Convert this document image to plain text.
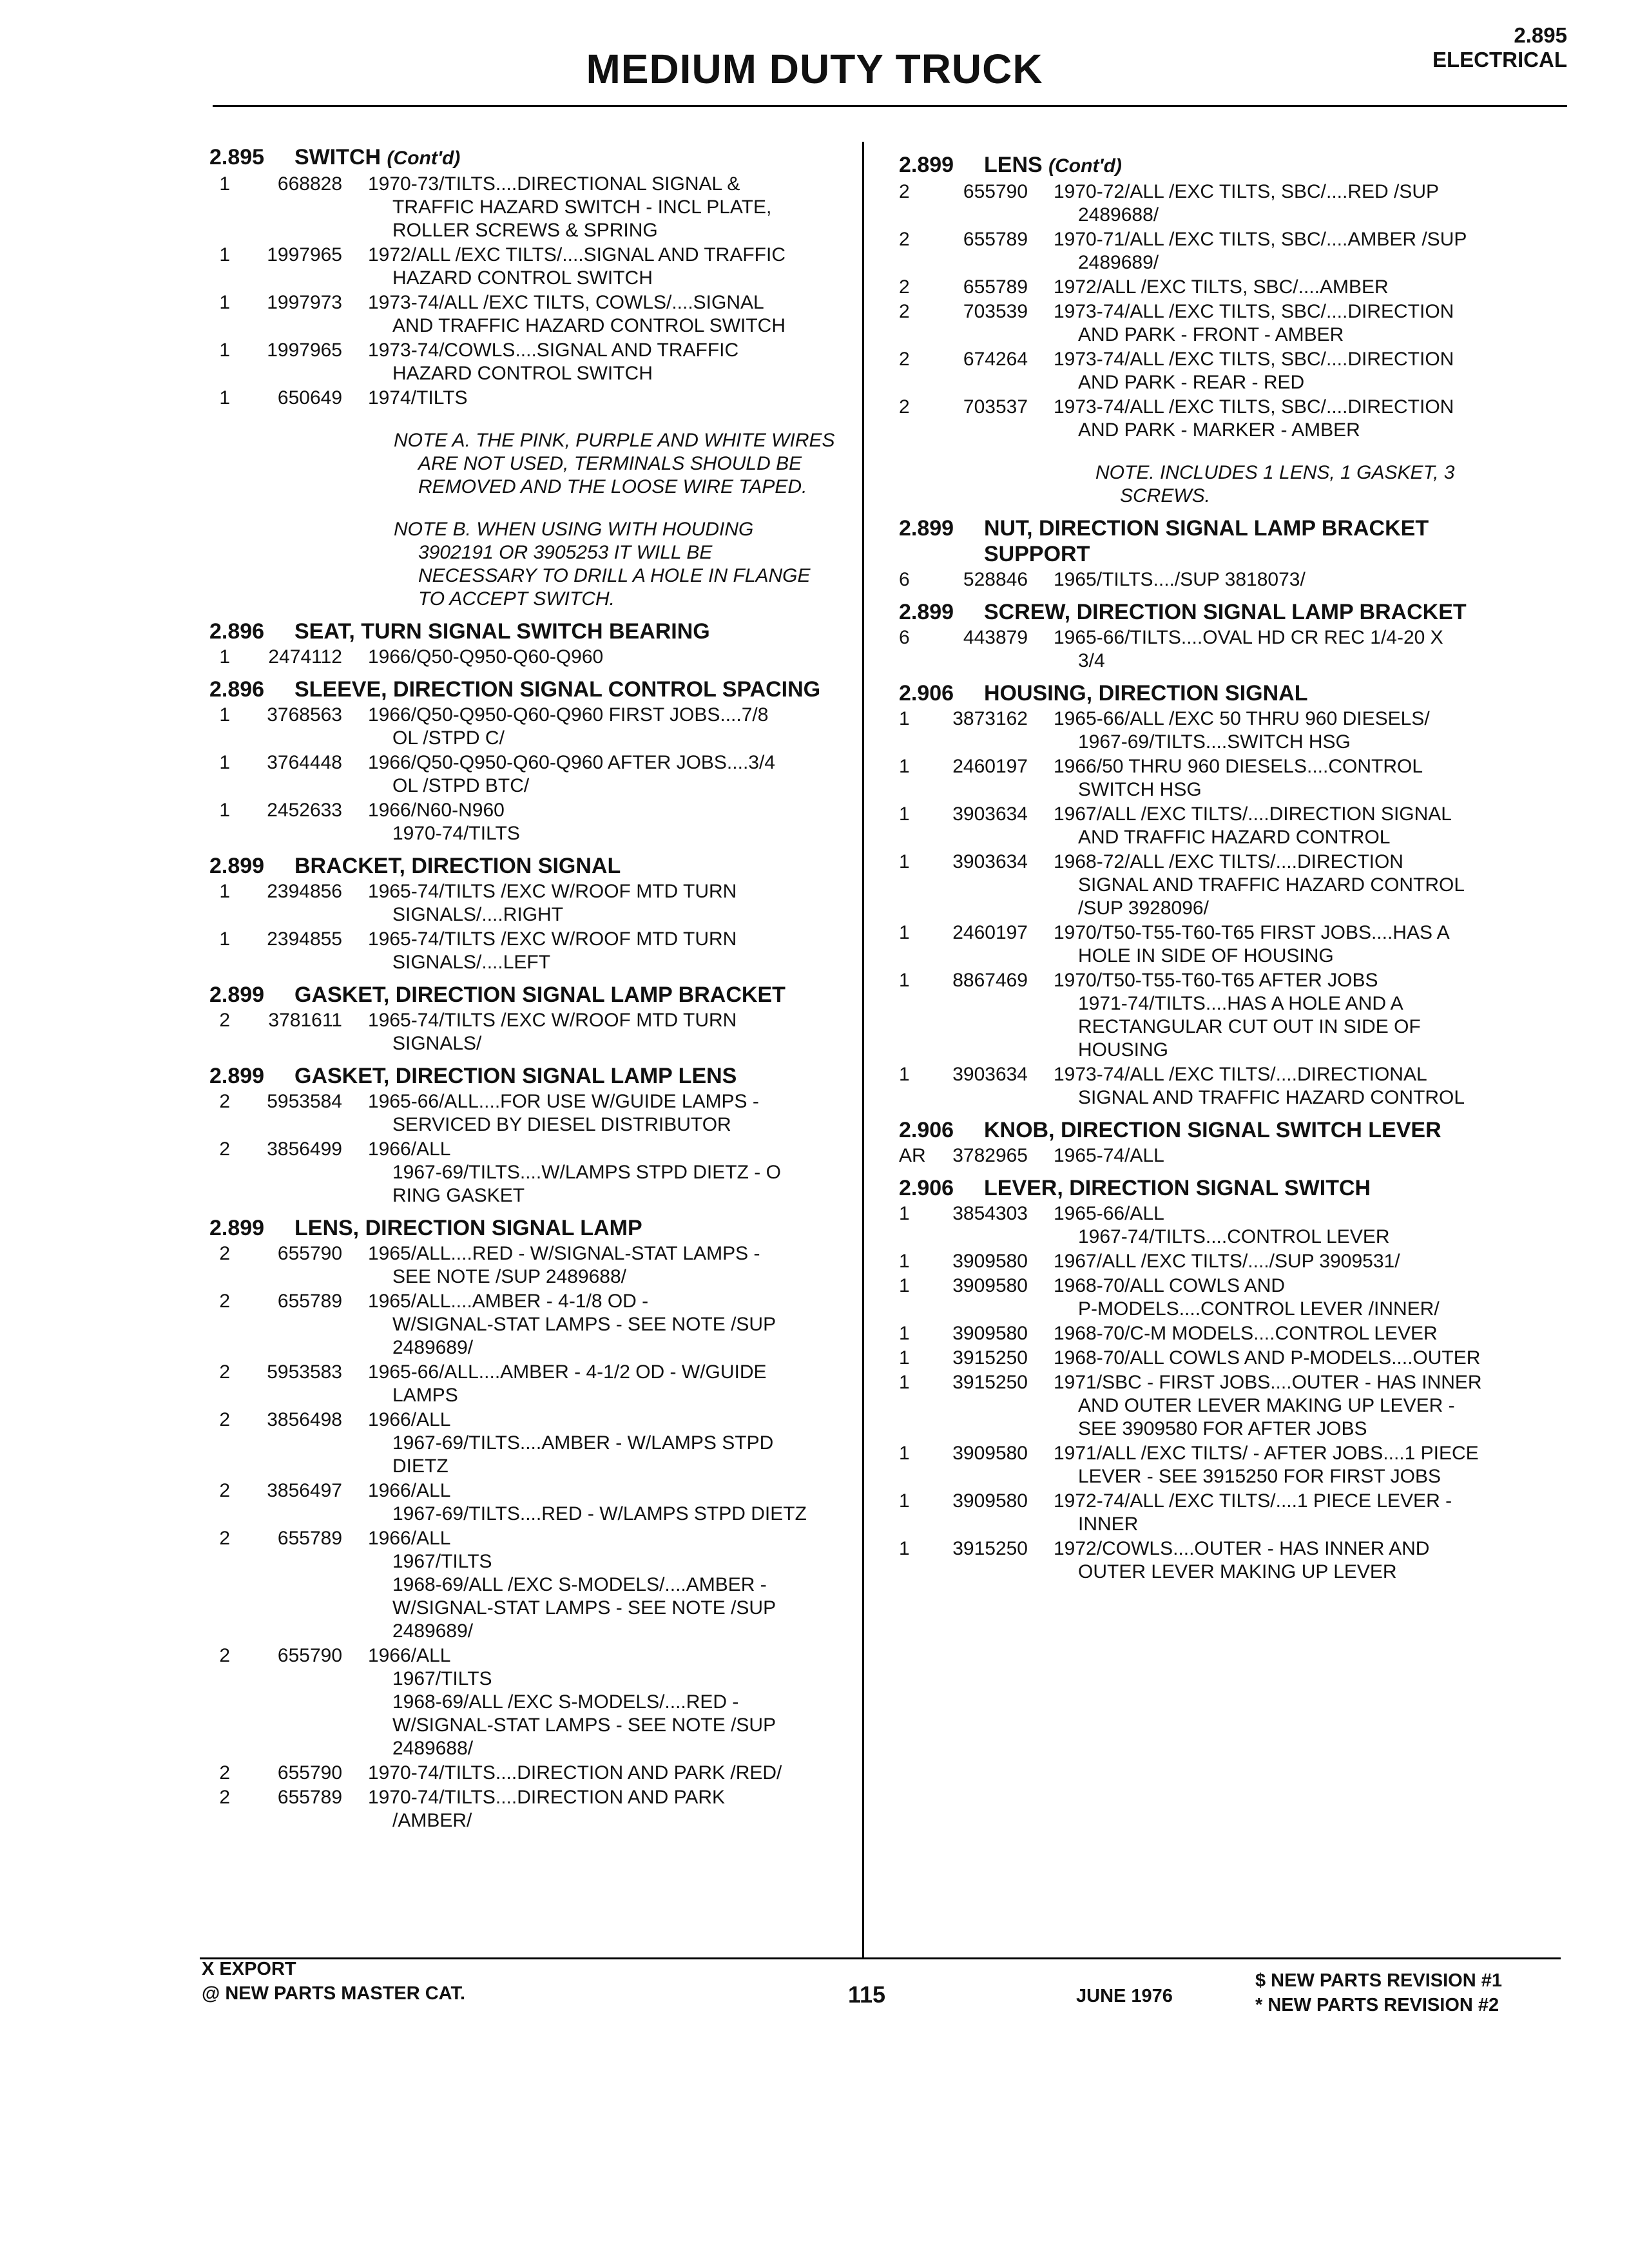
MEDIUM DUTY TRUCK
2.895
ELECTRICAL
2.895	SWITCH (Cont'd)
1	668828 1970-73/TILTS....DIRECTIONAL SIGNAL &
TRAFFIC HAZARD SWITCH - INCL PLATE,
ROLLER SCREWS & SPRING
1	1997965 1972/ALL /EXC TILTS/....SIGNAL AND TRAFFIC
HAZARD CONTROL SWITCH
1	1997973 1973-74/ALL /EXC TILTS, COWLS/....SIGNAL
AND TRAFFIC HAZARD CONTROL SWITCH
1	1997965 1973-74/COWLS....SIGNAL AND TRAFFIC
HAZARD CONTROL SWITCH
1	650649 1974/TILTS
NOTE A. THE PINK, PURPLE AND WHITE WIRES
ARE NOT USED, TERMINALS SHOULD BE
REMOVED AND THE LOOSE WIRE TAPED.
NOTE B. WHEN USING WITH HOUDING
3902191 OR 3905253 IT WILL BE
NECESSARY TO DRILL A HOLE IN FLANGE
TO ACCEPT SWITCH.
2.896	SEAT, TURN SIGNAL SWITCH BEARING
1	2474112 1966/Q50-Q950-Q60-Q960
2.896	SLEEVE, DIRECTION SIGNAL CONTROL SPACING
1	3768563 1966/Q50-Q950-Q60-Q960 FIRST JOBS....7/8
OL /STPD C/
1	3764448 1966/Q50-Q950-Q60-Q960 AFTER JOBS....3/4
OL /STPD BTC/
1	2452633 1966/N60-N960
1970-74/TILTS
2.899	BRACKET, DIRECTION SIGNAL
1	2394856 1965-74/TILTS /EXC W/ROOF MTD TURN
SIGNALS/....RIGHT
1	2394855 1965-74/TILTS /EXC W/ROOF MTD TURN
SIGNALS/....LEFT
2.899	GASKET, DIRECTION SIGNAL LAMP BRACKET
2	3781611 1965-74/TILTS /EXC W/ROOF MTD TURN
SIGNALS/
2.899	GASKET, DIRECTION SIGNAL LAMP LENS
2	5953584 1965-66/ALL....FOR USE W/GUIDE LAMPS -
SERVICED BY DIESEL DISTRIBUTOR
2	3856499 1966/ALL
1967-69/TILTS....W/LAMPS STPD DIETZ - O
RING GASKET
2.899	LENS, DIRECTION SIGNAL LAMP
2	655790 1965/ALL....RED - W/SIGNAL-STAT LAMPS -
SEE NOTE /SUP 2489688/
2	655789 1965/ALL....AMBER - 4-1/8 OD -
W/SIGNAL-STAT LAMPS - SEE NOTE /SUP
2489689/
2	5953583 1965-66/ALL....AMBER - 4-1/2 OD - W/GUIDE
LAMPS
2	3856498 1966/ALL
1967-69/TILTS....AMBER - W/LAMPS STPD
DIETZ
2	3856497 1966/ALL
1967-69/TILTS....RED - W/LAMPS STPD DIETZ
2	655789 1966/ALL
1967/TILTS
1968-69/ALL /EXC S-MODELS/....AMBER -
W/SIGNAL-STAT LAMPS - SEE NOTE /SUP
2489689/
2	655790 1966/ALL
1967/TILTS
1968-69/ALL /EXC S-MODELS/....RED -
W/SIGNAL-STAT LAMPS - SEE NOTE /SUP
2489688/
2	655790 1970-74/TILTS....DIRECTION AND PARK /RED/
2	655789 1970-74/TILTS....DIRECTION AND PARK
/AMBER/
2.899	LENS (Cont'd)
2	655790 1970-72/ALL /EXC TILTS, SBC/....RED /SUP
2489688/
2	655789 1970-71/ALL /EXC TILTS, SBC/....AMBER /SUP
2489689/
2	655789 1972/ALL /EXC TILTS, SBC/....AMBER
2	703539 1973-74/ALL /EXC TILTS, SBC/....DIRECTION
AND PARK - FRONT - AMBER
2	674264 1973-74/ALL /EXC TILTS, SBC/....DIRECTION
AND PARK - REAR - RED
2	703537 1973-74/ALL /EXC TILTS, SBC/....DIRECTION
AND PARK - MARKER - AMBER
NOTE. INCLUDES 1 LENS, 1 GASKET, 3
SCREWS.
2.899	NUT, DIRECTION SIGNAL LAMP BRACKET
SUPPORT
6	528846 1965/TILTS..../SUP 3818073/
2.899	SCREW, DIRECTION SIGNAL LAMP BRACKET
6	443879 1965-66/TILTS....OVAL HD CR REC 1/4-20 X
3/4
2.906	HOUSING, DIRECTION SIGNAL
1	3873162 1965-66/ALL /EXC 50 THRU 960 DIESELS/
1967-69/TILTS....SWITCH HSG
1	2460197 1966/50 THRU 960 DIESELS....CONTROL
SWITCH HSG
1	3903634 1967/ALL /EXC TILTS/....DIRECTION SIGNAL
AND TRAFFIC HAZARD CONTROL
1	3903634 1968-72/ALL /EXC TILTS/....DIRECTION
SIGNAL AND TRAFFIC HAZARD CONTROL
/SUP 3928096/
1	2460197 1970/T50-T55-T60-T65 FIRST JOBS....HAS A
HOLE IN SIDE OF HOUSING
1	8867469 1970/T50-T55-T60-T65 AFTER JOBS
1971-74/TILTS....HAS A HOLE AND A
RECTANGULAR CUT OUT IN SIDE OF
HOUSING
1	3903634 1973-74/ALL /EXC TILTS/....DIRECTIONAL
SIGNAL AND TRAFFIC HAZARD CONTROL
2.906	KNOB, DIRECTION SIGNAL SWITCH LEVER
AR	3782965 1965-74/ALL
2.906	LEVER, DIRECTION SIGNAL SWITCH
1	3854303 1965-66/ALL
1967-74/TILTS....CONTROL LEVER
1	3909580 1967/ALL /EXC TILTS/..../SUP 3909531/
1	3909580 1968-70/ALL COWLS AND
P-MODELS....CONTROL LEVER /INNER/
1	3909580 1968-70/C-M MODELS....CONTROL LEVER
1	3915250 1968-70/ALL COWLS AND P-MODELS....OUTER
1	3915250 1971/SBC - FIRST JOBS....OUTER - HAS INNER
AND OUTER LEVER MAKING UP LEVER -
SEE 3909580 FOR AFTER JOBS
1	3909580 1971/ALL /EXC TILTS/ - AFTER JOBS....1 PIECE
LEVER - SEE 3915250 FOR FIRST JOBS
1	3909580 1972-74/ALL /EXC TILTS/....1 PIECE LEVER -
INNER
1	3915250 1972/COWLS....OUTER - HAS INNER AND
OUTER LEVER MAKING UP LEVER
X EXPORT
@ NEW PARTS MASTER CAT.	115	JUNE 1976
$ NEW PARTS REVISION #1
* NEW PARTS REVISION #2
